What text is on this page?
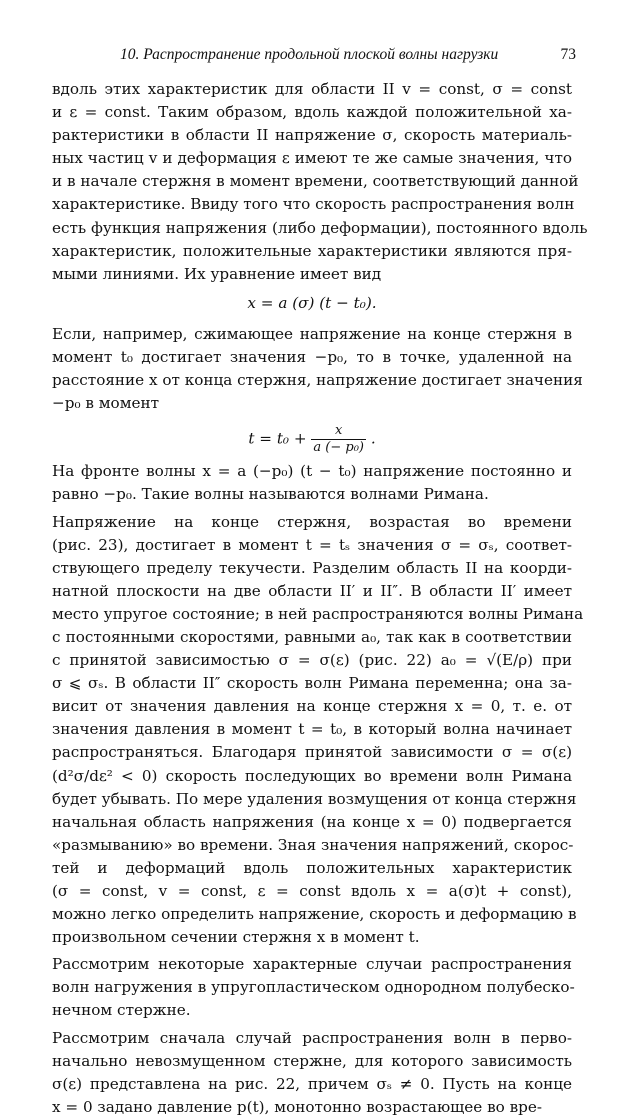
10. Распространение продольной плоской волны нагрузки	73
вдоль этих характеристик для области II v = const, σ = const
и ε = const. Таким образом, вдоль каждой положительной ха-
рактеристики в области II напряжение σ, скорость материаль-
ных частиц v и деформация ε имеют те же самые значения, что
и в начале стержня в момент времени, соответствующий данной
характеристике. Ввиду того что скорость распространения волн
есть функция напряжения (либо деформации), постоянного вдоль
характеристик, положительные характеристики являются пря-
мыми линиями. Их уравнение имеет вид
x = a (σ) (t − t₀).
Если, например, сжимающее напряжение на конце стержня в
момент t₀ достигает значения −p₀, то в точке, удаленной на
расстояние x от конца стержня, напряжение достигает значения
−p₀ в момент
$t = t_0 + \frac{x}{\text{a (− p₀)}}$ .
На фронте волны x = a (−p₀) (t − t₀) напряжение постоянно и
равно −p₀. Такие волны называются волнами Римана.
Напряжение на конце стержня, возрастая во времени
(рис. 23), достигает в момент t = tₛ значения σ = σₛ, соответ-
ствующего пределу текучести. Разделим область II на коорди-
натной плоскости на две области II′ и II″. В области II′ имеет
место упругое состояние; в ней распространяются волны Римана
с постоянными скоростями, равными a₀, так как в соответствии
с принятой зависимостью σ = σ(ε) (рис. 22) a₀ = √(E/ρ) при
σ ⩽ σₛ. В области II″ скорость волн Римана переменна; она за-
висит от значения давления на конце стержня x = 0, т. е. от
значения давления в момент t = t₀, в который волна начинает
распространяться. Благодаря принятой зависимости σ = σ(ε)
(d²σ/dε² < 0) скорость последующих во времени волн Римана
будет убывать. По мере удаления возмущения от конца стержня
начальная область напряжения (на конце x = 0) подвергается
«размыванию» во времени. Зная значения напряжений, скорос-
тей и деформаций вдоль положительных характеристик
(σ = const, v = const, ε = const вдоль x = a(σ)t + const),
можно легко определить напряжение, скорость и деформацию в
произвольном сечении стержня x в момент t.
Рассмотрим некоторые характерные случаи распространения
волн нагружения в упругопластическом однородном полубеско-
нечном стержне.
Рассмотрим сначала случай распространения волн в перво-
начально невозмущенном стержне, для которого зависимость
σ(ε) представлена на рис. 22, причем σₛ ≠ 0. Пусть на конце
x = 0 задано давление p(t), монотонно возрастающее во вре-
